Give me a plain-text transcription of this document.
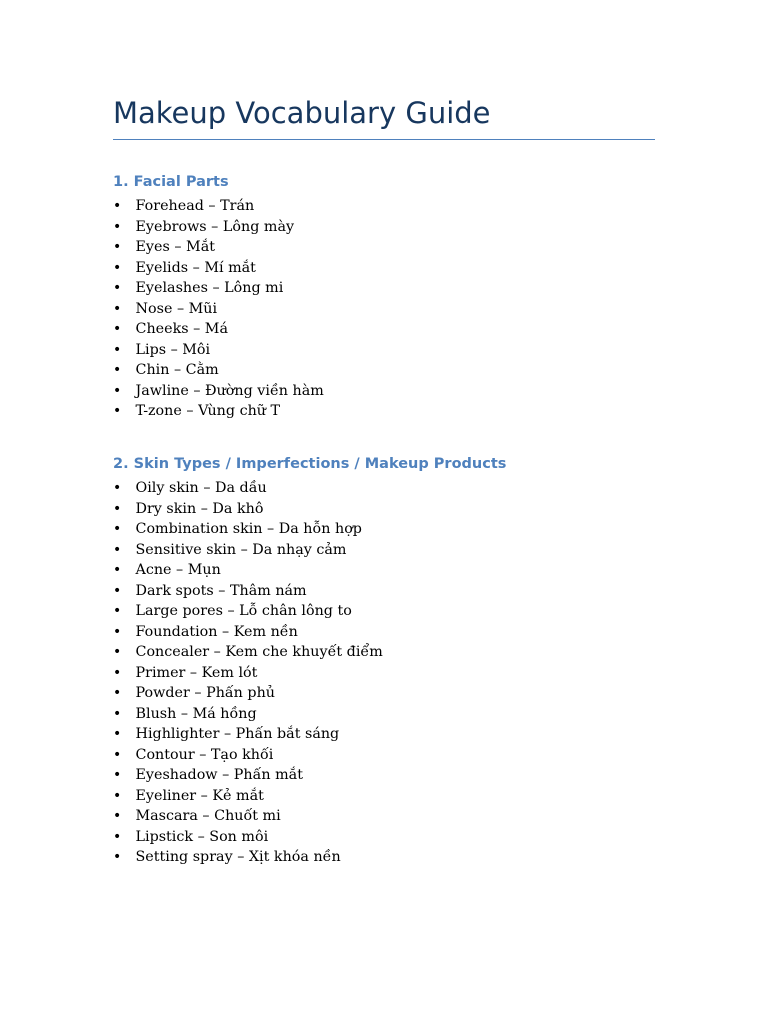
Makeup Vocabulary Guide
1. Facial Parts
• Forehead – Trán
• Eyebrows – Lông mày
• Eyes – Mắt
• Eyelids – Mí mắt
• Eyelashes – Lông mi
• Nose – Mũi
• Cheeks – Má
• Lips – Môi
• Chin – Cằm
• Jawline – Đường viền hàm
• T-zone – Vùng chữ T
2. Skin Types / Imperfections / Makeup Products
• Oily skin – Da dầu
• Dry skin – Da khô
• Combination skin – Da hỗn hợp
• Sensitive skin – Da nhạy cảm
• Acne – Mụn
• Dark spots – Thâm nám
• Large pores – Lỗ chân lông to
• Foundation – Kem nền
• Concealer – Kem che khuyết điểm
• Primer – Kem lót
• Powder – Phấn phủ
• Blush – Má hồng
• Highlighter – Phấn bắt sáng
• Contour – Tạo khối
• Eyeshadow – Phấn mắt
• Eyeliner – Kẻ mắt
• Mascara – Chuốt mi
• Lipstick – Son môi
• Setting spray – Xịt khóa nền
